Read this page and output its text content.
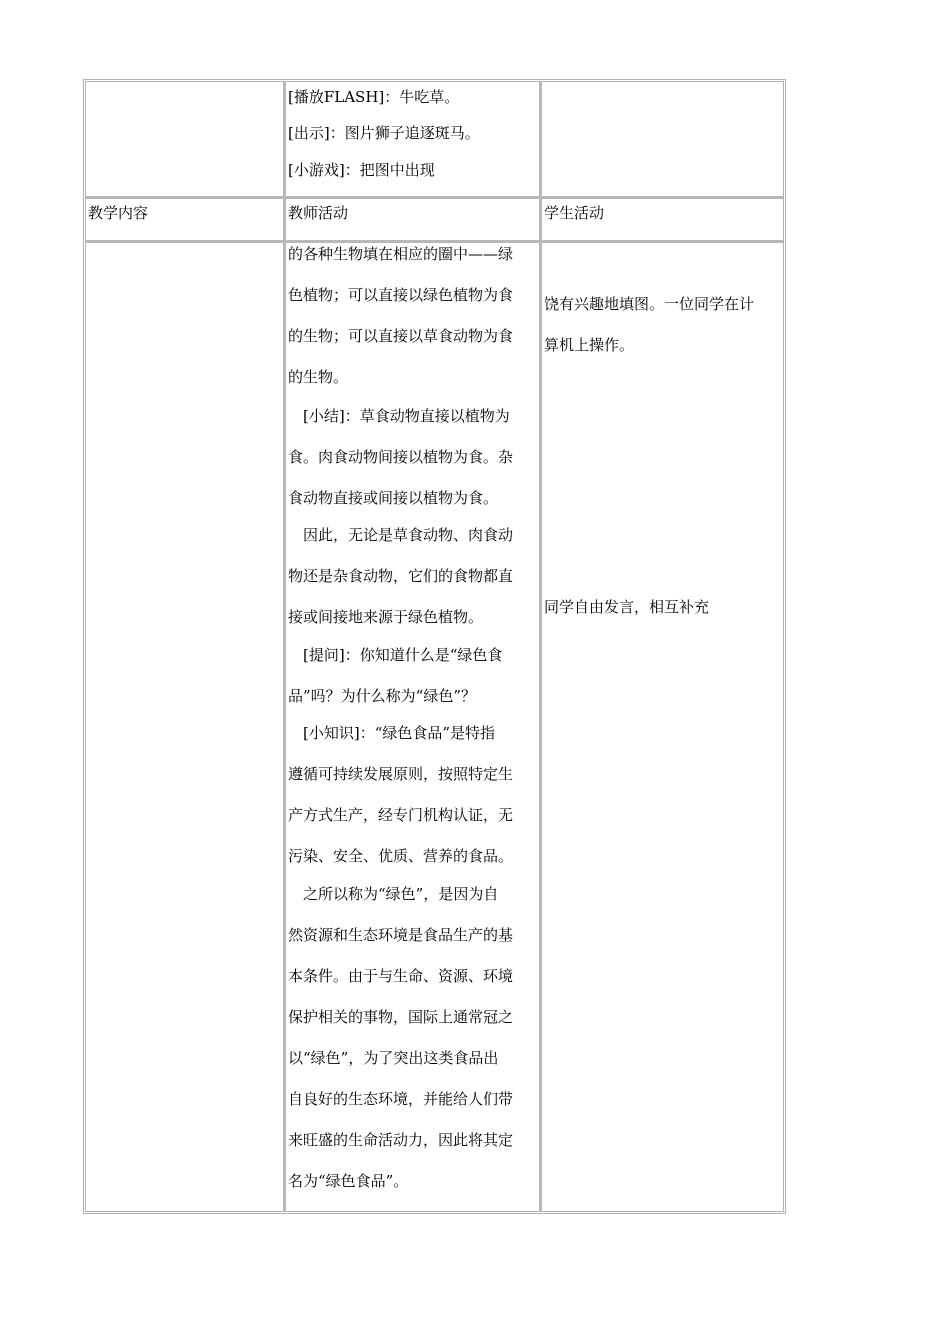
[播放FLASH]：牛吃草。
[出示]：图片狮子追逐斑马。
[小游戏]：把图中出现
教学内容	教师活动	学生活动
的各种生物填在相应的圈中——绿
色植物；可以直接以绿色植物为食
的生物；可以直接以草食动物为食
的生物。
[小结]：草食动物直接以植物为
食。肉食动物间接以植物为食。杂
食动物直接或间接以植物为食。
因此，无论是草食动物、肉食动
物还是杂食动物，它们的食物都直
接或间接地来源于绿色植物。
[提问]：你知道什么是“绿色食
品”吗？为什么称为“绿色”？
[小知识]：“绿色食品”是特指
遵循可持续发展原则，按照特定生
产方式生产，经专门机构认证，无
污染、安全、优质、营养的食品。
之所以称为“绿色”，是因为自
然资源和生态环境是食品生产的基
本条件。由于与生命、资源、环境
保护相关的事物，国际上通常冠之
以“绿色”，为了突出这类食品出
自良好的生态环境，并能给人们带
来旺盛的生命活动力，因此将其定
名为“绿色食品”。
饶有兴趣地填图。一位同学在计
算机上操作。
同学自由发言，相互补充
